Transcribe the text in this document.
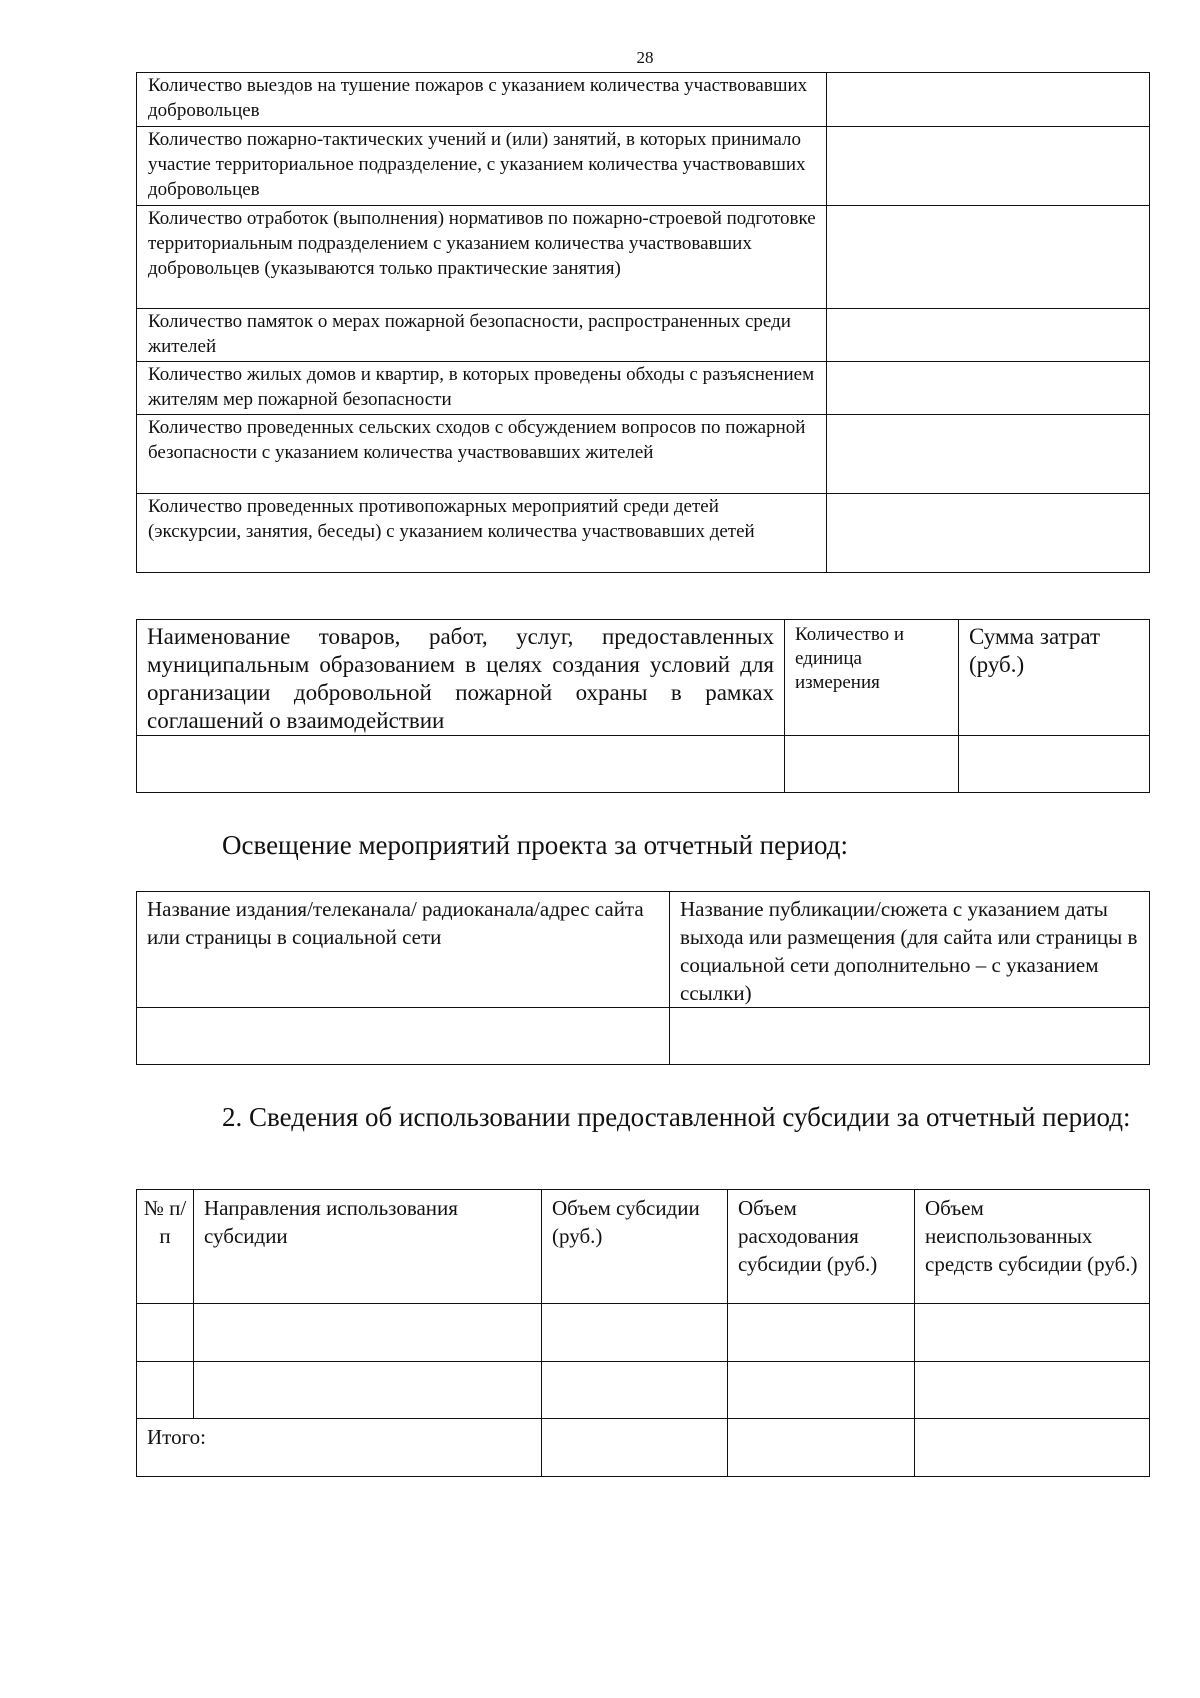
28
Количество выездов на тушение пожаров с указанием количества участвовавших добровольцев	
Количество пожарно-тактических учений и (или) занятий, в которых принимало участие территориальное подразделение, с указанием количества участвовавших добровольцев	
Количество отработок (выполнения) нормативов по пожарно-строевой подготовке территориальным подразделением с указанием количества участвовавших добровольцев (указываются только практические занятия)	
Количество памяток о мерах пожарной безопасности, распространенных среди жителей	
Количество жилых домов и квартир, в которых проведены обходы с разъяснением жителям мер пожарной безопасности	
Количество проведенных сельских сходов с обсуждением вопросов по пожарной безопасности с указанием количества участвовавших жителей	
Количество проведенных противопожарных мероприятий среди детей (экскурсии, занятия, беседы) с указанием количества участвовавших детей	
Наименование товаров, работ, услуг, предоставленных муниципальным образованием в целях создания условий для организации добровольной пожарной охраны в рамках соглашений о взаимодействии	Количество и единица измерения	Сумма затрат (руб.)

Освещение мероприятий проекта за отчетный период:
Название издания/телеканала/ радиоканала/адрес сайта или страницы в социальной сети	Название публикации/сюжета с указанием даты выхода или размещения (для сайта или страницы в социальной сети дополнительно – с указанием ссылки)

2. Сведения об использовании предоставленной субсидии за отчетный период:
№ п/п	Направления использования субсидии	Объем субсидии (руб.)	Объем расходования субсидии (руб.)	Объем неиспользованных средств субсидии (руб.)

Итого:				
